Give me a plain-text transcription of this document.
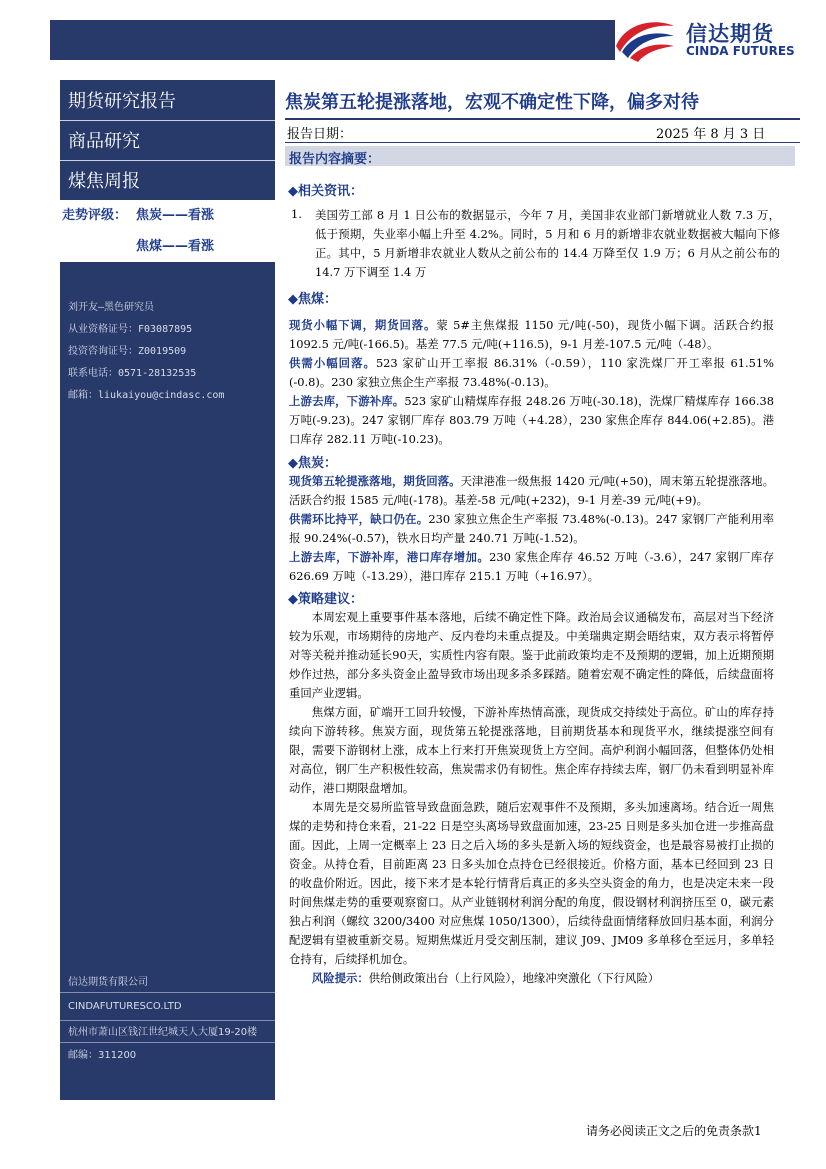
信达期货
CINDA FUTURES
期货研究报告
商品研究
煤焦周报
走势评级： 焦炭——看涨
焦煤——看涨
刘开友—黑色研究员
从业资格证号：F03087895
投资咨询证号：Z0019509
联系电话：0571-28132535
邮箱：liukaiyou@cindasc.com
信达期货有限公司
CINDAFUTURESCO.LTD
杭州市萧山区钱江世纪城天人大厦19-20楼
邮编：311200
焦炭第五轮提涨落地，宏观不确定性下降，偏多对待
报告日期：	2025 年 8 月 3 日
报告内容摘要：
◆相关资讯：
1. 美国劳工部 8 月 1 日公布的数据显示，今年 7 月，美国非农业部门新增就业人数 7.3 万，低于预期，失业率小幅上升至 4.2%。同时，5 月和 6 月的新增非农就业数据被大幅向下修正。其中，5 月新增非农就业人数从之前公布的 14.4 万降至仅 1.9 万；6 月从之前公布的 14.7 万下调至 1.4 万
◆焦煤：
现货小幅下调，期货回落。蒙 5#主焦煤报 1150 元/吨(-50)，现货小幅下调。活跃合约报 1092.5 元/吨(-166.5)。基差 77.5 元/吨(+116.5)，9-1 月差-107.5 元/吨（-48）。
供需小幅回落。523 家矿山开工率报 86.31%（-0.59），110 家洗煤厂开工率报 61.51%(-0.8)。230 家独立焦企生产率报 73.48%(-0.13)。
上游去库，下游补库。523 家矿山精煤库存报 248.26 万吨(-30.18)，洗煤厂精煤库存 166.38 万吨(-9.23)。247 家钢厂库存 803.79 万吨（+4.28），230 家焦企库存 844.06(+2.85)。港口库存 282.11 万吨(-10.23)。
◆焦炭：
现货第五轮提涨落地，期货回落。天津港准一级焦报 1420 元/吨(+50)，周末第五轮提涨落地。活跃合约报 1585 元/吨(-178)。基差-58 元/吨(+232)，9-1 月差-39 元/吨(+9)。
供需环比持平，缺口仍在。230 家独立焦企生产率报 73.48%(-0.13)。247 家钢厂产能利用率报 90.24%(-0.57)，铁水日均产量 240.71 万吨(-1.52)。
上游去库，下游补库，港口库存增加。230 家焦企库存 46.52 万吨（-3.6），247 家钢厂库存 626.69 万吨（-13.29），港口库存 215.1 万吨（+16.97）。
◆策略建议：

本周宏观上重要事件基本落地，后续不确定性下降。政治局会议通稿发布，高层对当下经济较为乐观，市场期待的房地产、反内卷均未重点提及。中美瑞典定期会晤结束，双方表示将暂停对等关税并推动延长90天，实质性内容有限。鉴于此前政策均走不及预期的逻辑，加上近期预期炒作过热，部分多头资金止盈导致市场出现多杀多踩踏。随着宏观不确定性的降低，后续盘面将重回产业逻辑。

焦煤方面，矿端开工回升较慢，下游补库热情高涨，现货成交持续处于高位。矿山的库存持续向下游转移。焦炭方面，现货第五轮提涨落地，目前期货基本和现货平水，继续提涨空间有限，需要下游钢材上涨，成本上行来打开焦炭现货上方空间。高炉利润小幅回落，但整体仍处相对高位，钢厂生产积极性较高，焦炭需求仍有韧性。焦企库存持续去库，钢厂仍未看到明显补库动作，港口期限盘增加。

本周先是交易所监管导致盘面急跌，随后宏观事件不及预期，多头加速离场。结合近一周焦煤的走势和持仓来看，21-22 日是空头离场导致盘面加速，23-25 日则是多头加仓进一步推高盘面。因此，上周一定概率上 23 日之后入场的多头是新入场的短线资金，也是最容易被打止损的资金。从持仓看，目前距离 23 日多头加仓点持仓已经很接近。价格方面，基本已经回到 23 日的收盘价附近。因此，接下来才是本轮行情背后真正的多头空头资金的角力，也是决定未来一段时间焦煤走势的重要观察窗口。从产业链钢材利润分配的角度，假设钢材利润挤压至 0，碳元素独占利润（螺纹 3200/3400 对应焦煤 1050/1300），后续待盘面情绪释放回归基本面，利润分配逻辑有望被重新交易。短期焦煤近月受交割压制，建议 J09、JM09 多单移仓至远月，多单轻仓持有，后续择机加仓。

风险提示：供给侧政策出台（上行风险），地缘冲突激化（下行风险）

请务必阅读正文之后的免责条款1
